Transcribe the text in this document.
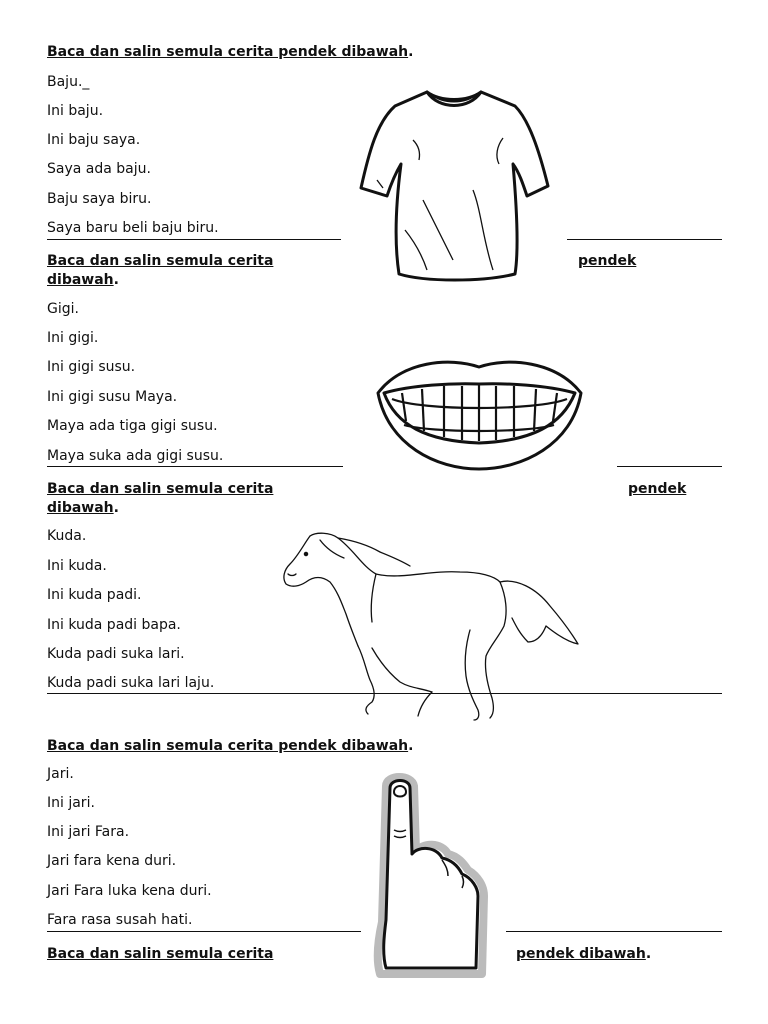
Baca dan salin semula cerita pendek dibawah.
Baju._
Ini baju.
Ini baju saya.
Saya ada baju.
Baju saya biru.
Saya baru beli baju biru.
Baca dan salin semula cerita	pendek
dibawah.
Gigi.
Ini gigi.
Ini gigi susu.
Ini gigi susu Maya.
Maya ada tiga gigi susu.
Maya suka ada gigi susu.
Baca dan salin semula cerita	pendek
dibawah.
Kuda.
Ini kuda.
Ini kuda padi.
Ini kuda padi bapa.
Kuda padi suka lari.
Kuda padi suka lari laju.
Baca dan salin semula cerita pendek dibawah.
Jari.
Ini jari.
Ini jari Fara.
Jari fara kena duri.
Jari Fara luka kena duri.
Fara rasa susah hati.
Baca dan salin semula cerita	pendek dibawah.
